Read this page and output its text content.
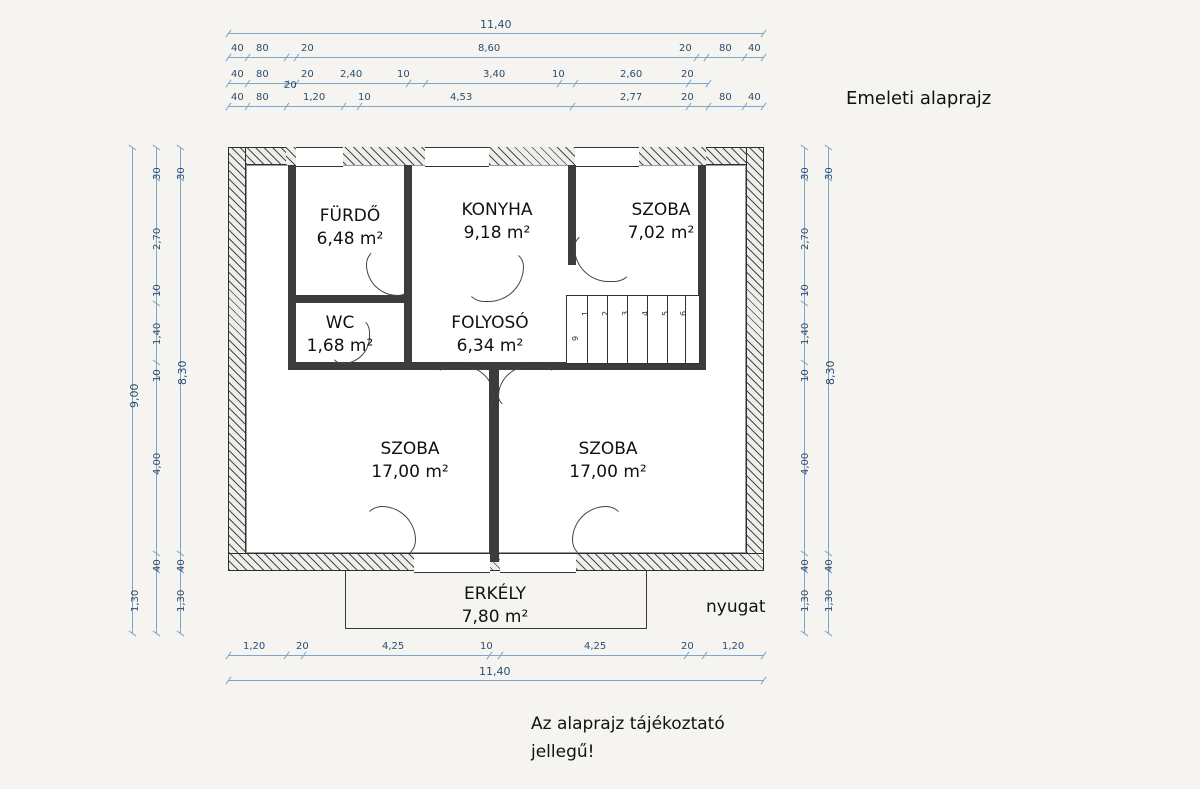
Emeleti alaprajz
nyugat
Az alaprajz tájékoztató
jellegű!
11,40
40 80	20	8,60	20	80 40
40 80	20	2,40	10	3,40	10	2,60	20
20
40 80	1,20	10	4,53	2,77	20	80 40
9,00
30
2,70
10
1,40
10
4,00
40
1,30
30
8,30
40
1,30
30
2,70
10
1,40
10
4,00
40
1,30
30
8,30
40
1,30
1,20	20	4,25	10	4,25	20	1,20
11,40
1 2 3 4 5 6
9
FÜRDŐ
6,48 m²
KONYHA
9,18 m²
SZOBA
7,02 m²
WC
1,68 m²
FOLYOSÓ
6,34 m²
SZOBA
17,00 m²
SZOBA
17,00 m²
ERKÉLY
7,80 m²
